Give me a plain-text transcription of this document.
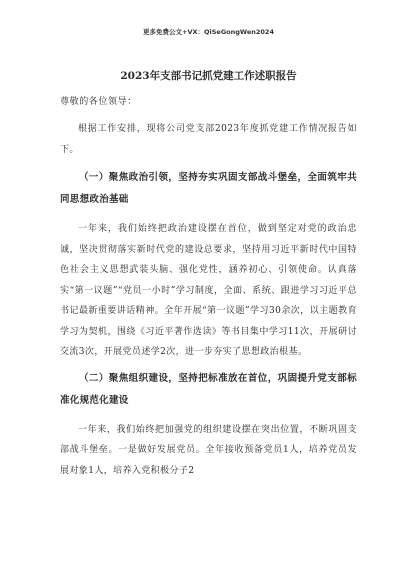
更多免费公文+VX：QiSeGongWen2024
2023年支部书记抓党建工作述职报告

尊敬的各位领导：

根据工作安排，现将公司党支部2023年度抓党建工作情况报告如下。

（一）聚焦政治引领，坚持夯实巩固支部战斗堡垒，全面筑牢共同思想政治基础

一年来，我们始终把政治建设摆在首位，做到坚定对党的政治忠诚，坚决贯彻落实新时代党的建设总要求，坚持用习近平新时代中国特色社会主义思想武装头脑、强化党性，涵养初心、引领使命。认真落实“第一议题”“党员一小时”学习制度，全面、系统、跟进学习习近平总书记最新重要讲话精神。全年开展“第一议题”学习30余次，以主题教育学习为契机，围绕《习近平著作选读》等书目集中学习11次，开展研讨交流3次，开展党员述学2次，进一步夯实了思想政治根基。

（二）聚焦组织建设，坚持把标准放在首位，巩固提升党支部标准化规范化建设

一年来，我们始终把加强党的组织建设摆在突出位置，不断巩固支部战斗堡垒。一是做好发展党员。全年接收预备党员1人，培养党员发展对象1人，培养入党积极分子2
